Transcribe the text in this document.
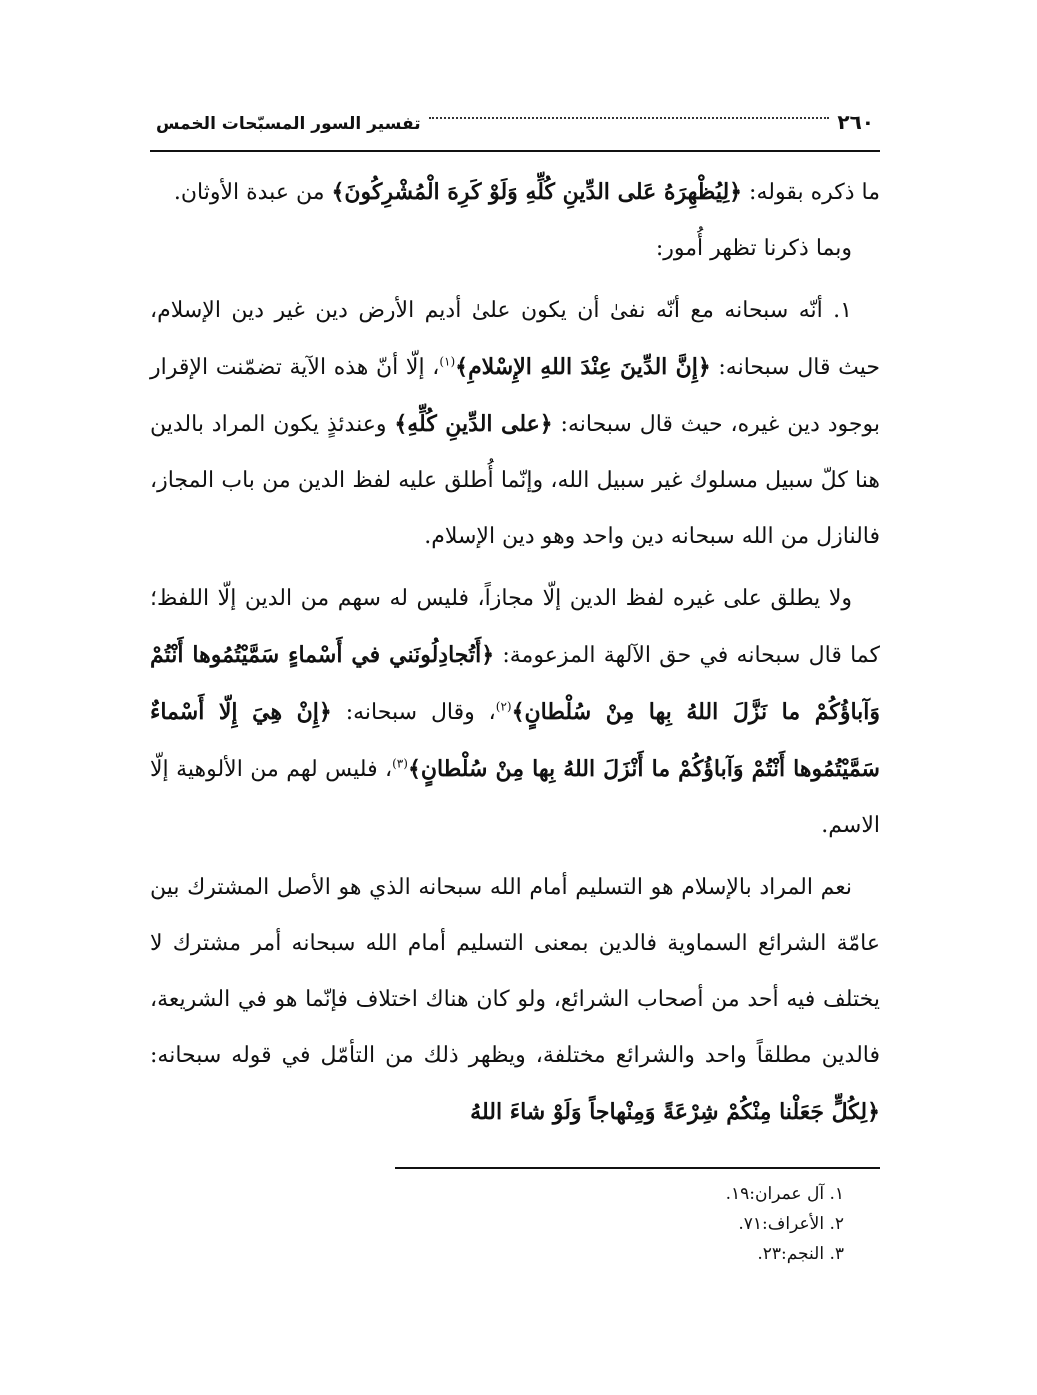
٢٦٠
تفسير السور المسبّحات الخمس

ما ذكره بقوله: ﴿لِيُظْهِرَهُ عَلى الدِّينِ كُلِّهِ وَلَوْ كَرِهَ الْمُشْرِكُونَ﴾ من عبدة الأوثان.

وبما ذكرنا تظهر أُمور:

١. أنّه سبحانه مع أنّه نفىٰ أن يكون علىٰ أديم الأرض دين غير دين الإسلام، حيث قال سبحانه: ﴿إِنَّ الدِّينَ عِنْدَ اللهِ الإِسْلامِ﴾$^{(١)}$، إلّا أنّ هذه الآية تضمّنت الإقرار بوجود دين غيره، حيث قال سبحانه: ﴿على الدِّينِ كُلِّهِ﴾ وعندئذٍ يكون المراد بالدين هنا كلّ سبيل مسلوك غير سبيل الله، وإنّما أُطلق عليه لفظ الدين من باب المجاز، فالنازل من الله سبحانه دين واحد وهو دين الإسلام.

ولا يطلق على غيره لفظ الدين إلّا مجازاً، فليس له سهم من الدين إلّا اللفظ؛ كما قال سبحانه في حق الآلهة المزعومة: ﴿أَتُجادِلُونَني في أَسْماءٍ سَمَّيْتُمُوها أَنْتُمْ وَآباؤُكُمْ ما نَزَّلَ اللهُ بِها مِنْ سُلْطانٍ﴾$^{(٢)}$، وقال سبحانه: ﴿إِنْ هِيَ إِلّا أَسْماءٌ سَمَّيْتُمُوها أَنْتُمْ وَآباؤُكُمْ ما أَنْزَلَ اللهُ بِها مِنْ سُلْطانٍ﴾$^{(٣)}$، فليس لهم من الألوهية إلّا الاسم.

نعم المراد بالإسلام هو التسليم أمام الله سبحانه الذي هو الأصل المشترك بين عامّة الشرائع السماوية فالدين بمعنى التسليم أمام الله سبحانه أمر مشترك لا يختلف فيه أحد من أصحاب الشرائع، ولو كان هناك اختلاف فإنّما هو في الشريعة، فالدين مطلقاً واحد والشرائع مختلفة، ويظهر ذلك من التأمّل في قوله سبحانه:﴿لِكُلٍّ جَعَلْنا مِنْكُمْ شِرْعَةً وَمِنْهاجاً وَلَوْ شاءَ اللهُ

١. آل عمران:١٩.
٢. الأعراف:٧١.
٣. النجم:٢٣.
